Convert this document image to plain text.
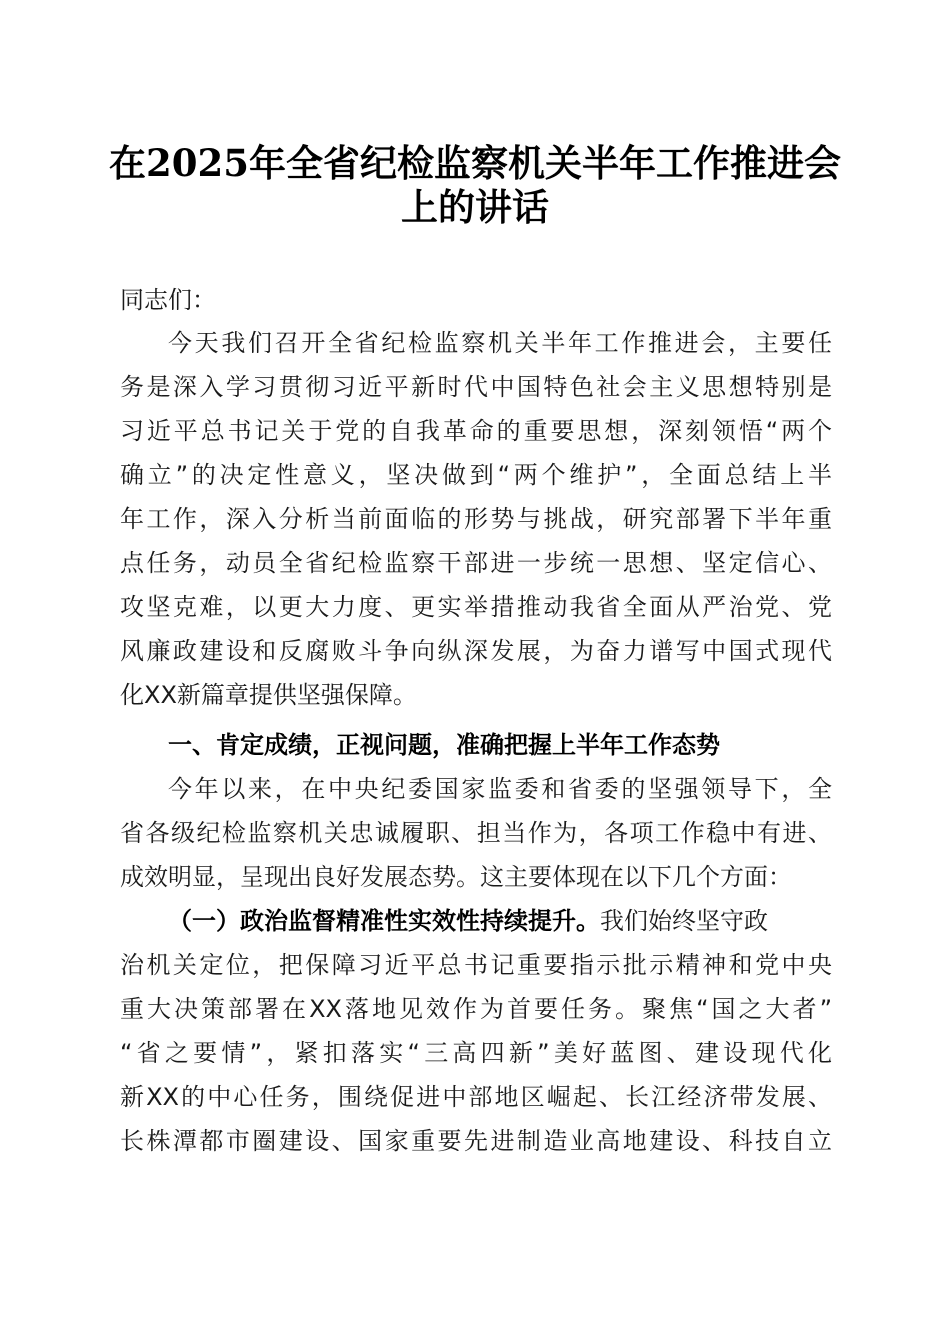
在2025年全省纪检监察机关半年工作推进会
上的讲话
同志们：
今天我们召开全省纪检监察机关半年工作推进会，主要任
务是深入学习贯彻习近平新时代中国特色社会主义思想特别是
习近平总书记关于党的自我革命的重要思想，深刻领悟“两个
确立”的决定性意义，坚决做到“两个维护”，全面总结上半
年工作，深入分析当前面临的形势与挑战，研究部署下半年重
点任务，动员全省纪检监察干部进一步统一思想、坚定信心、
攻坚克难，以更大力度、更实举措推动我省全面从严治党、党
风廉政建设和反腐败斗争向纵深发展，为奋力谱写中国式现代
化XX新篇章提供坚强保障。
一、肯定成绩，正视问题，准确把握上半年工作态势
今年以来，在中央纪委国家监委和省委的坚强领导下，全
省各级纪检监察机关忠诚履职、担当作为，各项工作稳中有进、
成效明显，呈现出良好发展态势。这主要体现在以下几个方面：
（一）政治监督精准性实效性持续提升。我们始终坚守政
治机关定位，把保障习近平总书记重要指示批示精神和党中央
重大决策部署在XX落地见效作为首要任务。聚焦“国之大者”
“省之要情”，紧扣落实“三高四新”美好蓝图、建设现代化
新XX的中心任务，围绕促进中部地区崛起、长江经济带发展、
长株潭都市圈建设、国家重要先进制造业高地建设、科技自立
